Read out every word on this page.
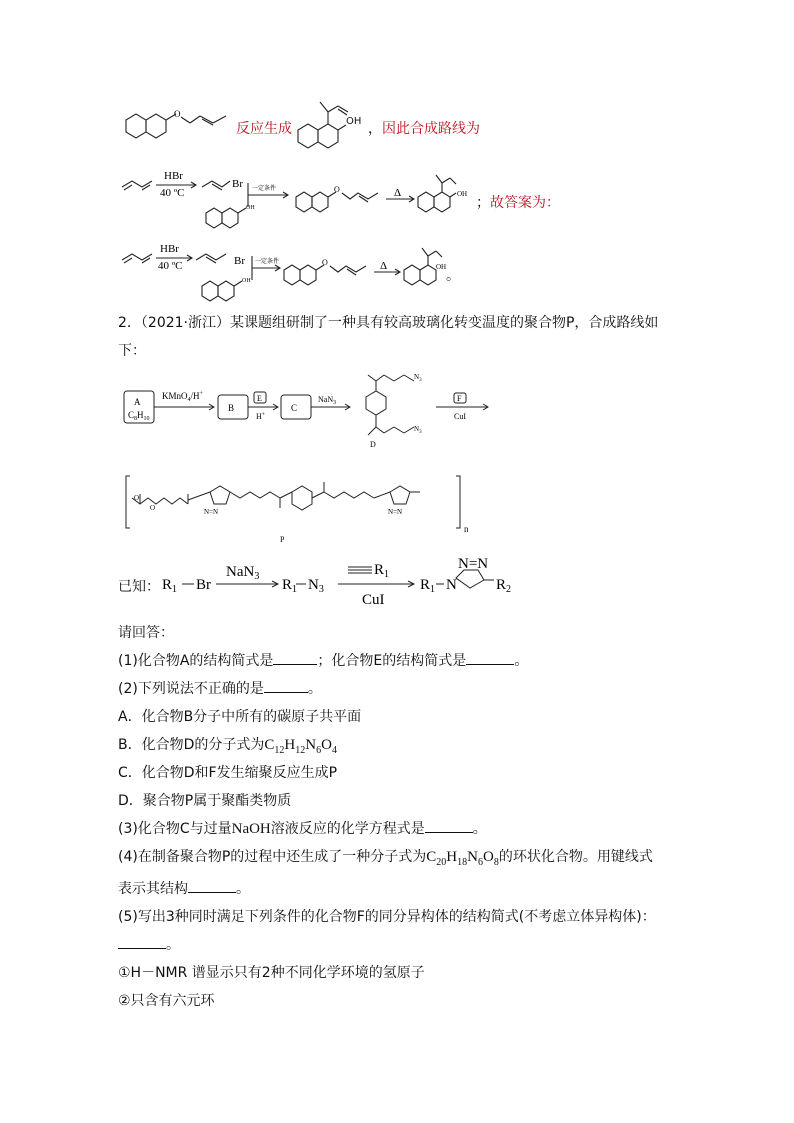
O
反应生成	OH ，因此合成路线为
HBr
40 ºC
Br 一定条件
OH
O	Δ	OH
；故答案为：
HBr
40 ºC	Br 一定条件
OH
O	Δ	OH
。
2．（2021·浙江）某课题组研制了一种具有较高玻璃化转变温度的聚合物P，合成路线如
下：
A
$C_8H_{10}$
KMnO$_4$/H+
B
E
H+
C
NaN$_3$
$N_3$
$N_3$
D
F
CuI
O
O	N=N	N=N
n
P
已知： $R_1$ Br
NaN$_3$
$R_1$ $N_3$
$R_1$
CuI
$R_1$ N
N=N
$R_2$
请回答：
(1)化合物A的结构简式是	；化合物E的结构简式是	。
(2)下列说法不正确的是	。
A．化合物B分子中所有的碳原子共平面
B．化合物D的分子式为$C_{12}H_{12}N_6O_4$
C．化合物D和F发生缩聚反应生成P
D．聚合物P属于聚酯类物质
(3)化合物C与过量NaOH溶液反应的化学方程式是	。
(4)在制备聚合物P的过程中还生成了一种分子式为$C_{20}H_{18}N_6O_8$的环状化合物。用键线式
表示其结构	。
(5)写出3种同时满足下列条件的化合物F的同分异构体的结构简式(不考虑立体异构体)：
。
①H－NMR 谱显示只有2种不同化学环境的氢原子
②只含有六元环
